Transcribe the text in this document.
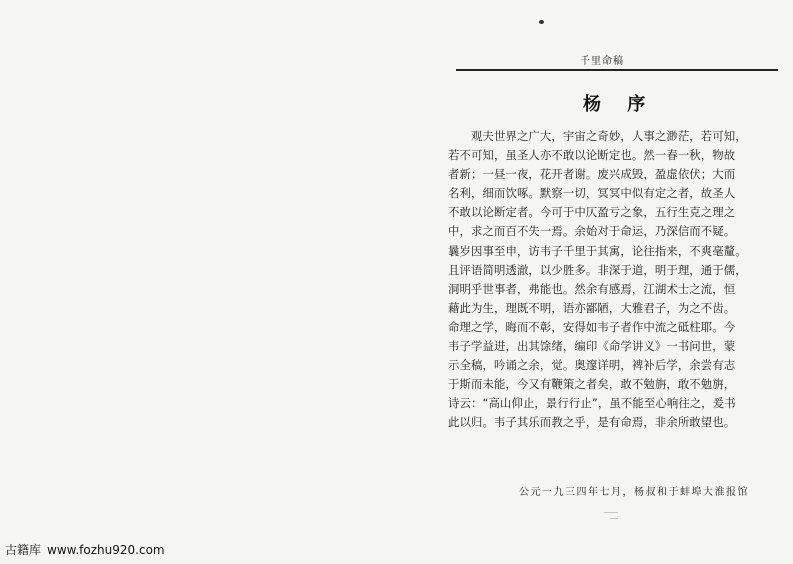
千里命稿
杨 序
　　观夫世界之广大，宇宙之奇妙，人事之渺茫，若可知，
若不可知，虽圣人亦不敢以论断定也。然一春一秋，物故
者新；一昼一夜，花开者谢。废兴成毁，盈虚依伏；大而
名利，细而饮啄。默察一切，冥冥中似有定之者，故圣人
不敢以论断定者。今可于中仄盈亏之象，五行生克之理之
中，求之而百不失一焉。余始对于命运，乃深信而不疑。
曩岁因事至申，访韦子千里于其寓，论往指来，不爽毫釐。
且评语简明透澈，以少胜多。非深于道，明于理，通于儒，
洞明乎世事者，弗能也。然余有感焉，江湖术士之流，恒
藉此为生，理既不明，语亦鄙陋，大雅君子，为之不齿。
命理之学，晦而不彰，安得如韦子者作中流之砥柱耶。今
韦子学益进，出其馀绪，编印《命学讲义》一书问世，蒙
示全稿，吟诵之余，觉。奥邃详明，裨补后学，余尝有志
于斯而未能，今又有鞭策之者矣，敢不勉旃，敢不勉旃，
诗云：“高山仰止，景行行止”，虽不能至心响往之，爰书
此以归。韦子其乐而教之乎，是有命焉，非余所敢望也。
公元一九三四年七月，杨叔和于蚌埠大淮报馆
古籍库 www.fozhu920.com
